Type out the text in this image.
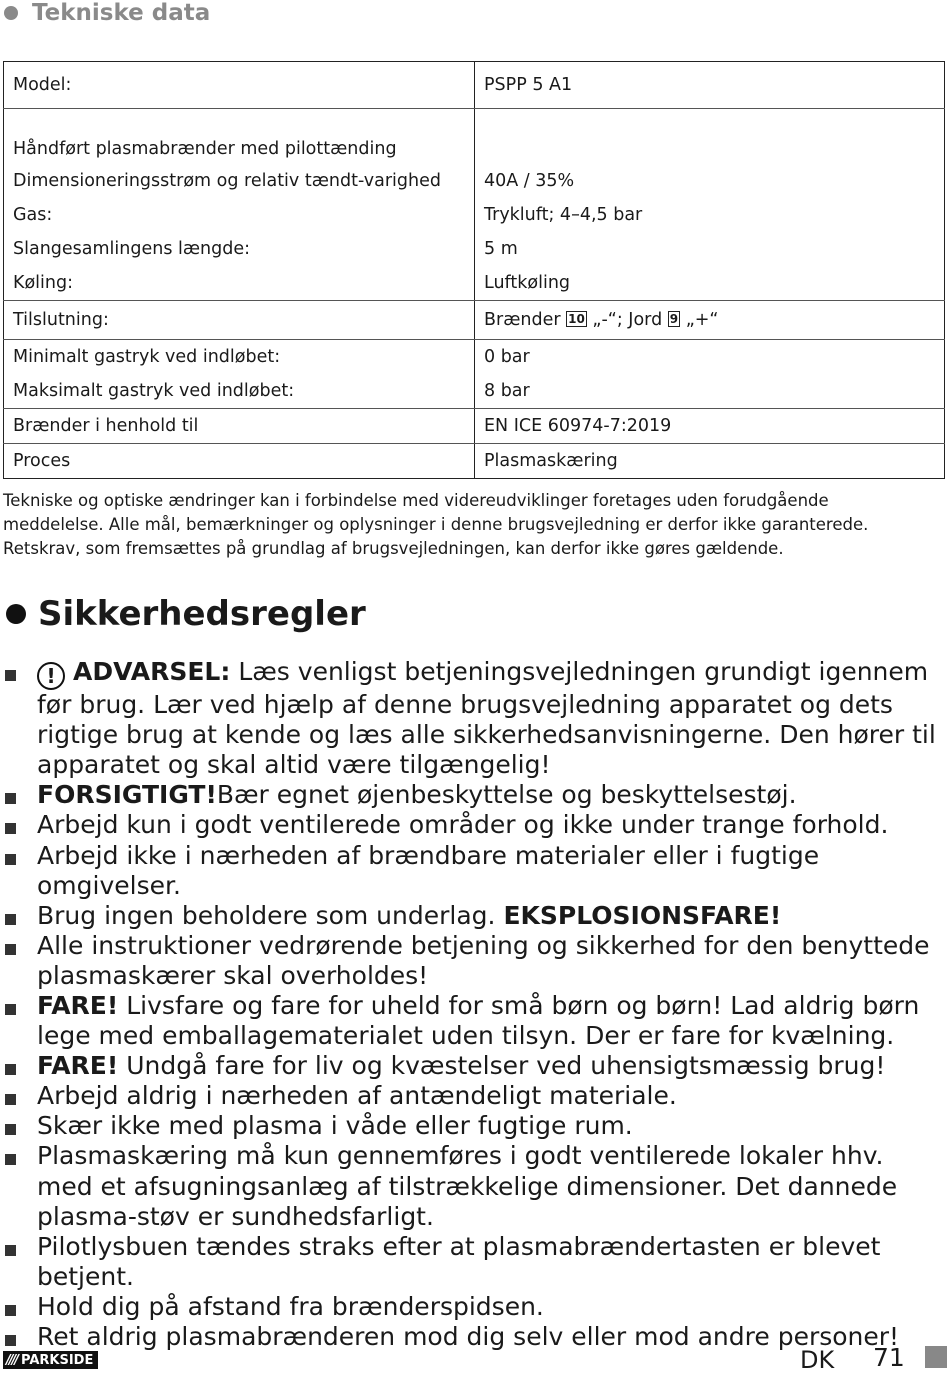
Tekniske data
Model:	PSPP 5 A1
Håndført plasmabrænder med pilottænding	
Dimensioneringsstrøm og relativ tændt-varighed	40A / 35%
Gas:	Trykluft; 4–4,5 bar
Slangesamlingens længde:	5 m
Køling:	Luftkøling
Tilslutning:	Brænder 10 „-“; Jord 9 „+“
Minimalt gastryk ved indløbet:	0 bar
Maksimalt gastryk ved indløbet:	8 bar
Brænder i henhold til	EN ICE 60974-7:2019
Proces	Plasmaskæring
Tekniske og optiske ændringer kan i forbindelse med videreudviklinger foretages uden forudgående
meddelelse. Alle mål, bemærkninger og oplysninger i denne brugsvejledning er derfor ikke garanterede.
Retskrav, som fremsættes på grundlag af brugsvejledningen, kan derfor ikke gøres gældende.
Sikkerhedsregler
! ADVARSEL: Læs venligst betjeningsvejledningen grundigt igennem før brug. Lær ved hjælp af denne brugsvejledning apparatet og dets rigtige brug at kende og læs alle sikkerhedsanvisningerne. Den hører til apparatet og skal altid være tilgængelig!
FORSIGTIGT!Bær egnet øjenbeskyttelse og beskyttelsestøj.
Arbejd kun i godt ventilerede områder og ikke under trange forhold.
Arbejd ikke i nærheden af brændbare materialer eller i fugtige omgivelser.
Brug ingen beholdere som underlag. EKSPLOSIONSFARE!
Alle instruktioner vedrørende betjening og sikkerhed for den benyttede plasmaskærer skal overholdes!
FARE! Livsfare og fare for uheld for små børn og børn! Lad aldrig børn lege med emballagematerialet uden tilsyn. Der er fare for kvælning.
FARE! Undgå fare for liv og kvæstelser ved uhensigtsmæssig brug!
Arbejd aldrig i nærheden af antændeligt materiale.
Skær ikke med plasma i våde eller fugtige rum.
Plasmaskæring må kun gennemføres i godt ventilerede lokaler hhv. med et afsugningsanlæg af tilstrækkelige dimensioner. Det dannede plasma-støv er sundhedsfarligt.
Pilotlysbuen tændes straks efter at plasmabrændertasten er blevet betjent.
Hold dig på afstand fra brænderspidsen.
Ret aldrig plasmabrænderen mod dig selv eller mod andre personer!
//// PARKSIDE	DK 71
